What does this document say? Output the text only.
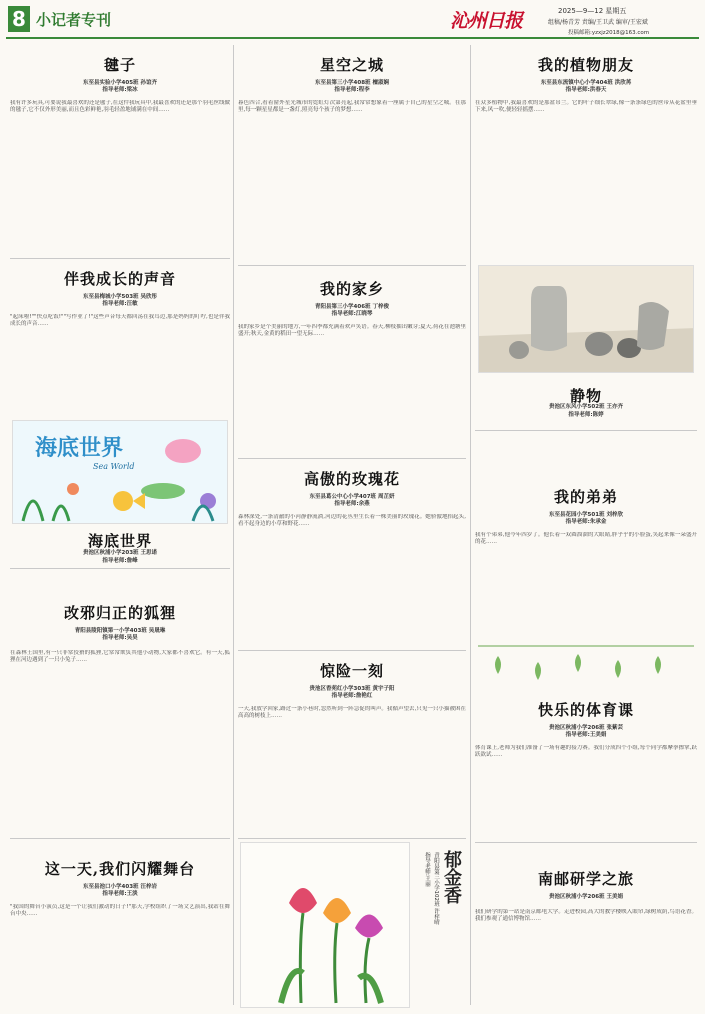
8 小记者专刊	沁州日报	2025—9—12 星期五
组稿/杨青芳 责编/王卫武 编审/王宏斌
投稿邮箱:yzxjz2018@163.com
毽子
东至县实验小学405班 孙谊齐
指导老师:梁冰
我有许多玩具,可要说我最喜欢的还是毽子,在这件我玩具中,我最喜欢的还是那个羽毛丝线做的毽子,它不仅外形美丽,而且色彩鲜艳,羽毛轻盈地铺满在中间……
伴我成长的声音
东至县梅城小学503班 吴欣彤
指导老师:汪敏
"起床啦!""快点吃饭!""写作业了!"这些声音每天都回荡在我耳边,那是妈妈的叮咛,也是伴我成长的声音……
海底世界
Sea World
海底世界
贵池区秋浦小学203班 王思诺
指导老师:詹峰
改邪归正的狐狸
青阳县陵阳镇第一小学403班 吴晟琳
指导老师:吴昊
在森林王国里,有一只非常狡猾的狐狸,它常常欺负其他小动物,大家都不喜欢它。有一天,狐狸在河边遇到了一只小兔子……
这一天,我们闪耀舞台
东至县池口小学403班 汪梓岩
指导老师:王淡
"我国的舞台小演员,这是一个让我们激动的日子!"那天,学校组织了一场文艺演出,我站在舞台中央……
星空之城
东至县第三小学408班 檀淑娴
指导老师:程李
暮色四合,看着窗外星光城市的霓虹灯次第亮起,我常常想象着一座属于自己的星空之城。在那里,每一颗星星都是一盏灯,照亮每个孩子的梦想……
我的家乡
青阳县第三小学406班 丁梓俊
指导老师:江晓琴
我的家乡是个美丽的地方,一年四季都充满着欢声笑语。春天,柳枝抽出嫩芽;夏天,荷花在池塘里盛开;秋天,金黄的稻田一望无际……
高傲的玫瑰花
东至县葛公中心小学407班 周芷妍
指导老师:余燕
森林深处,一条清澈的小河静静流淌,河边的花丛里生长着一株美丽的玫瑰花。她骄傲地抬起头,看不起身边的小草和野花……
惊险一刻
贵池区香苑红小学303班 黄宇子阳
指导老师:詹艳红
一天,我放学回家,路过一条小巷时,忽然听到一阵急促的叫声。我循声望去,只见一只小猫被困在高高的树枝上……
郁金香
青阳县第三小学102班 许梓晴
指导老师:王丽
我的植物朋友
东至县东流镇中心小学404班 洪欣苒
指导老师:洪春天
在众多植物中,我最喜欢的是那盆吊兰。它的叶子细长翠绿,像一条条绿色的丝带从花盆里垂下来,风一吹,便轻轻摇摆……
静物
贵池区东风小学502班 王亦齐
指导老师:陈婷
我的弟弟
东至县花园小学501班 刘梓欣
指导老师:朱承金
我有个弟弟,他今年四岁了。他长着一双圆溜溜的大眼睛,胖乎乎的小脸蛋,笑起来像一朵盛开的花……
快乐的体育课
贵池区秋浦小学206班 张紫芸
指导老师:王美娟
体育课上,老师为我们准备了一场有趣的接力赛。我们分成四个小组,每个同学都摩拳擦掌,跃跃欲试……
南邮研学之旅
贵池区秋浦小学206班 王美娟
我们研学的第一站是南京邮电大学。走进校园,高大的教学楼映入眼帘,绿树成荫,鸟语花香。我们参观了通信博物馆……
